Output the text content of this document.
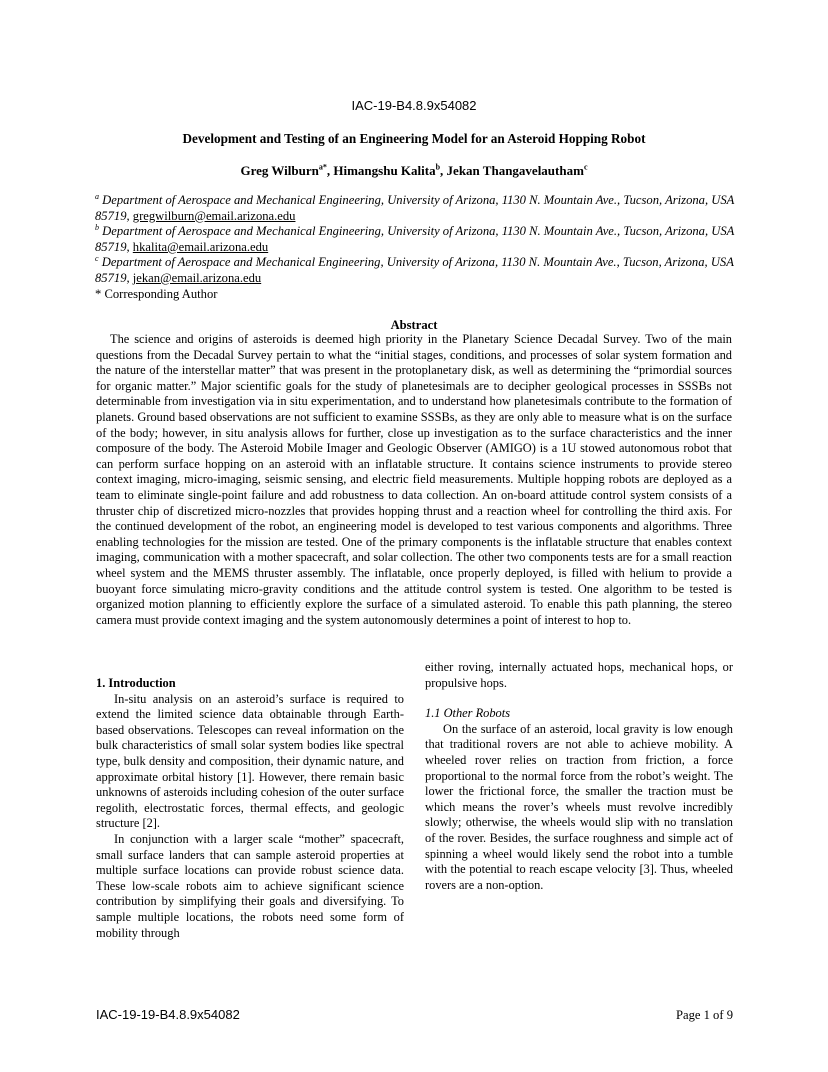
IAC-19-B4.8.9x54082
Development and Testing of an Engineering Model for an Asteroid Hopping Robot
Greg Wilburn$^{a*}$, Himangshu Kalita$^b$, Jekan Thangavelautham$^c$
$^a$ Department of Aerospace and Mechanical Engineering, University of Arizona, 1130 N. Mountain Ave., Tucson, Arizona, USA 85719, gregwilburn@email.arizona.edu
$^b$ Department of Aerospace and Mechanical Engineering, University of Arizona, 1130 N. Mountain Ave., Tucson, Arizona, USA 85719, hkalita@email.arizona.edu
$^c$ Department of Aerospace and Mechanical Engineering, University of Arizona, 1130 N. Mountain Ave., Tucson, Arizona, USA 85719, jekan@email.arizona.edu
* Corresponding Author
Abstract

The science and origins of asteroids is deemed high priority in the Planetary Science Decadal Survey. Two of the main questions from the Decadal Survey pertain to what the “initial stages, conditions, and processes of solar system formation and the nature of the interstellar matter” that was present in the protoplanetary disk, as well as determining the “primordial sources for organic matter.” Major scientific goals for the study of planetesimals are to decipher geological processes in SSSBs not determinable from investigation via in situ experimentation, and to understand how planetesimals contribute to the formation of planets. Ground based observations are not sufficient to examine SSSBs, as they are only able to measure what is on the surface of the body; however, in situ analysis allows for further, close up investigation as to the surface characteristics and the inner composure of the body. The Asteroid Mobile Imager and Geologic Observer (AMIGO) is a 1U stowed autonomous robot that can perform surface hopping on an asteroid with an inflatable structure. It contains science instruments to provide stereo context imaging, micro-imaging, seismic sensing, and electric field measurements. Multiple hopping robots are deployed as a team to eliminate single-point failure and add robustness to data collection. An on-board attitude control system consists of a thruster chip of discretized micro-nozzles that provides hopping thrust and a reaction wheel for controlling the third axis. For the continued development of the robot, an engineering model is developed to test various components and algorithms. Three enabling technologies for the mission are tested. One of the primary components is the inflatable structure that enables context imaging, communication with a mother spacecraft, and solar collection. The other two components tests are for a small reaction wheel system and the MEMS thruster assembly. The inflatable, once properly deployed, is filled with helium to provide a buoyant force simulating micro-gravity conditions and the attitude control system is tested. One algorithm to be tested is organized motion planning to efficiently explore the surface of a simulated asteroid. To enable this path planning, the stereo camera must provide context imaging and the system autonomously determines a point of interest to hop to.

1. Introduction

In-situ analysis on an asteroid’s surface is required to extend the limited science data obtainable through Earth-based observations. Telescopes can reveal information on the bulk characteristics of small solar system bodies like spectral type, bulk density and composition, their dynamic nature, and approximate orbital history [1]. However, there remain basic unknowns of asteroids including cohesion of the outer surface regolith, electrostatic forces, thermal effects, and geologic structure [2].

In conjunction with a larger scale “mother” spacecraft, small surface landers that can sample asteroid properties at multiple surface locations can provide robust science data. These low-scale robots aim to achieve significant science contribution by simplifying their goals and diversifying. To sample multiple locations, the robots need some form of mobility through

either roving, internally actuated hops, mechanical hops, or propulsive hops.

1.1 Other Robots

On the surface of an asteroid, local gravity is low enough that traditional rovers are not able to achieve mobility. A wheeled rover relies on traction from friction, a force proportional to the normal force from the robot’s weight. The lower the frictional force, the smaller the traction must be which means the rover’s wheels must revolve incredibly slowly; otherwise, the wheels would slip with no translation of the rover. Besides, the surface roughness and simple act of spinning a wheel would likely send the robot into a tumble with the potential to reach escape velocity [3]. Thus, wheeled rovers are a non-option.

IAC-19-19-B4.8.9x54082	Page 1 of 9
